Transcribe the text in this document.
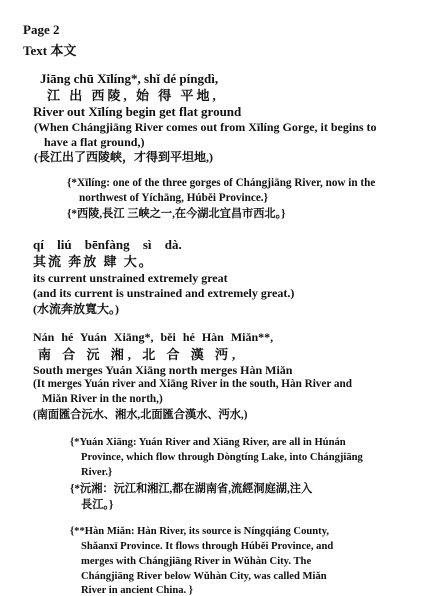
Page 2
Text 本文
Jiāng chū Xīlíng*, shǐ dé píngdì,
江 出 西陵, 始 得 平地,
River out Xīlíng begin get flat ground
(When Chángjiāng River comes out from Xīlíng Gorge, it begins to
have a flat ground,)
(長江出了西陵峡，才得到平坦地,)
{*Xīlíng: one of the three gorges of Chángjiāng River, now in the
northwest of Yíchāng, Húběi Province.}
{*西陵,長江 三峡之一,在今湖北宜昌市西北。}
qí liú bēnfàng sì dà.
其流 奔放 肆 大。
its current unstrained extremely great
(and its current is unstrained and extremely great.)
(水流奔放寬大。)
Nán hé Yuán Xiāng*, běi hé Hàn Miǎn**,
南 合 沅 湘, 北 合 漢 沔,
South merges Yuán Xiāng north merges Hàn Miǎn
(It merges Yuán river and Xiāng River in the south, Hàn River and
Miǎn River in the north,)
(南面匯合沅水、湘水,北面匯合漢水、沔水,)
{*Yuán Xiāng: Yuán River and Xiāng River, are all in Húnán
Province, which flow through Dòngtíng Lake, into Chángjiāng
River.}
{*沅湘：沅江和湘江,都在湖南省,流經洞庭湖,注入
長江。}
{**Hàn Miǎn: Hàn River, its source is Níngqiáng County,
Shǎanxī Province. It flows through Húběi Province, and
merges with Chángjiāng River in Wǔhàn City. The
Chángjiāng River below Wǔhàn City, was called Miǎn
River in ancient China. }
